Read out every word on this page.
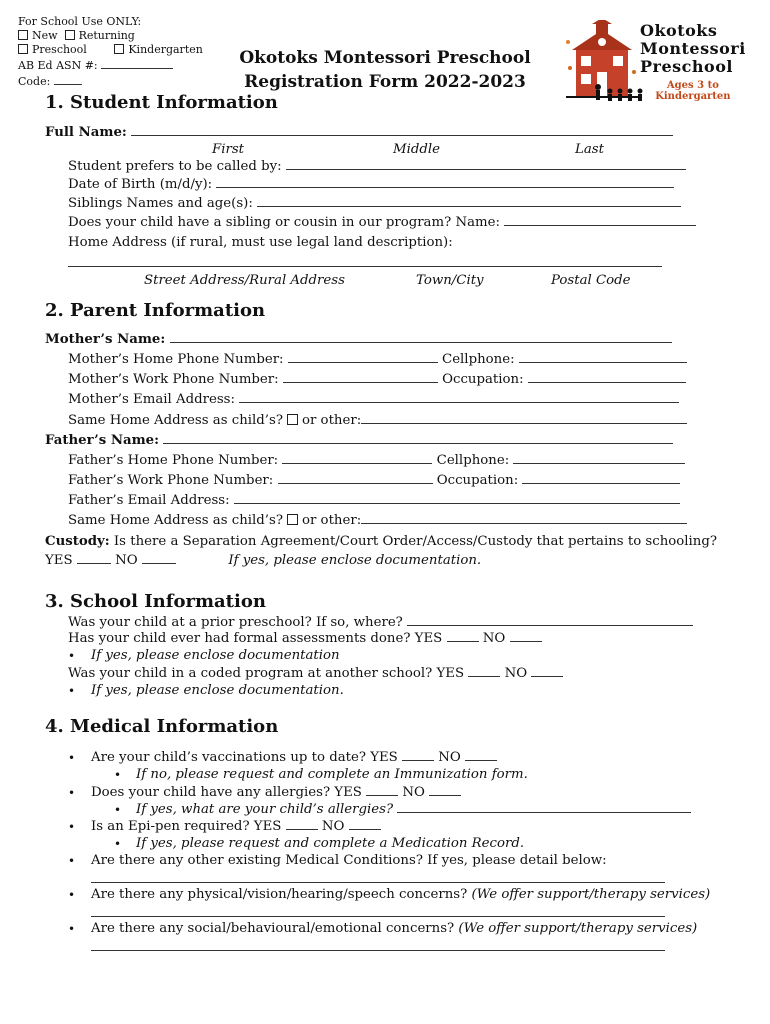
For School Use ONLY:
New Returning
Preschool	Kindergarten
AB Ed ASN #:
Code:
Okotoks Montessori Preschool
Registration Form 2022-2023
Okotoks
Montessori
Preschool
Ages 3 to
Kindergarten
1. Student Information
Full Name:
First	Middle	Last
Student prefers to be called by:
Date of Birth (m/d/y):
Siblings Names and age(s):
Does your child have a sibling or cousin in our program? Name:
Home Address (if rural, must use legal land description):
Street Address/Rural Address	Town/City	Postal Code
2. Parent Information
Mother’s Name:
Mother’s Home Phone Number:	Cellphone:
Mother’s Work Phone Number:	Occupation:
Mother’s Email Address:
Same Home Address as child’s? or other:
Father’s Name:
Father’s Home Phone Number:	Cellphone:
Father’s Work Phone Number:	Occupation:
Father’s Email Address:
Same Home Address as child’s? or other:
Custody: Is there a Separation Agreement/Court Order/Access/Custody that pertains to schooling?
YES	NO	If yes, please enclose documentation.
3. School Information
Was your child at a prior preschool? If so, where?
Has your child ever had formal assessments done? YES	NO
• If yes, please enclose documentation
Was your child in a coded program at another school? YES	NO
• If yes, please enclose documentation.
4. Medical Information
• Are your child’s vaccinations up to date? YES	NO
• If no, please request and complete an Immunization form.
• Does your child have any allergies? YES	NO
• If yes, what are your child’s allergies?
• Is an Epi-pen required? YES	NO
• If yes, please request and complete a Medication Record.
• Are there any other existing Medical Conditions? If yes, please detail below:
• Are there any physical/vision/hearing/speech concerns? (We offer support/therapy services)
• Are there any social/behavioural/emotional concerns? (We offer support/therapy services)
